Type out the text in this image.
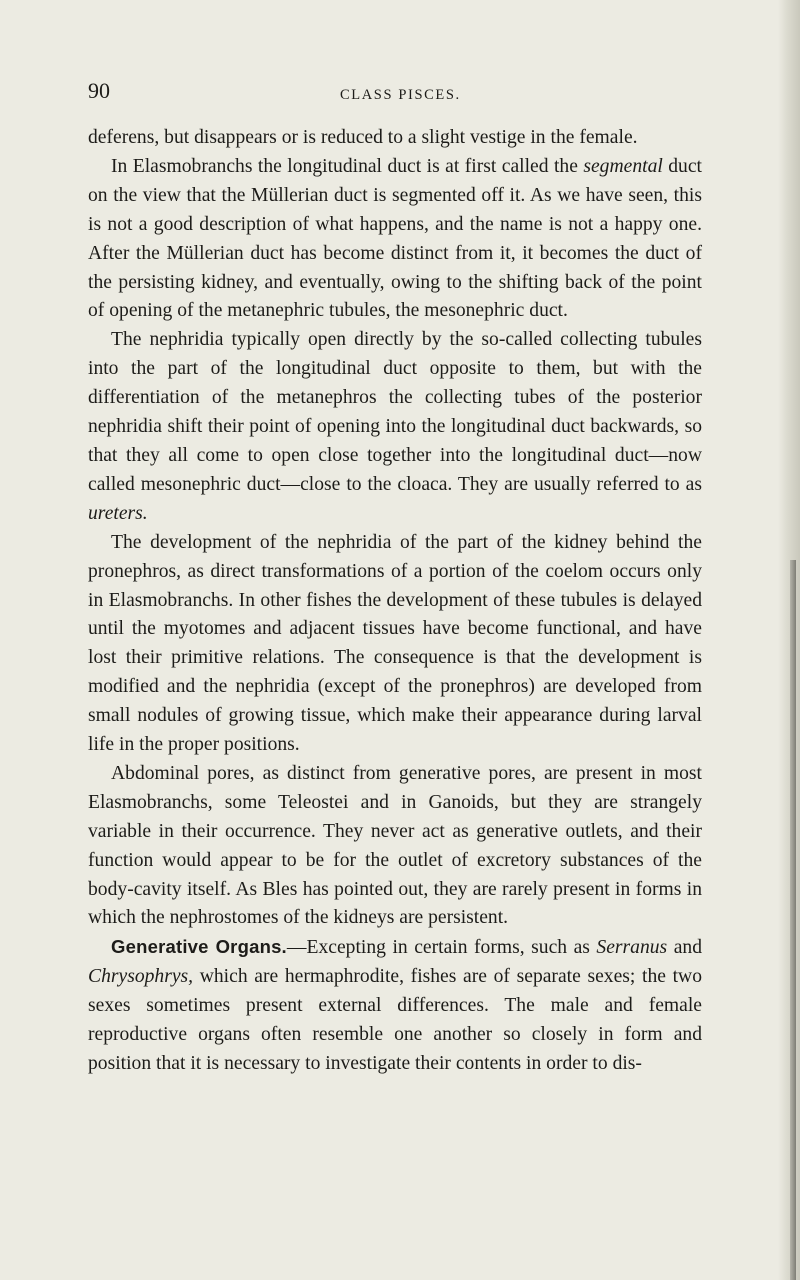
90	CLASS PISCES.

deferens, but disappears or is reduced to a slight vestige in the female.

In Elasmobranchs the longitudinal duct is at first called the segmental duct on the view that the Müllerian duct is segmented off it. As we have seen, this is not a good description of what happens, and the name is not a happy one. After the Müllerian duct has become distinct from it, it becomes the duct of the persisting kidney, and eventually, owing to the shifting back of the point of opening of the metanephric tubules, the mesonephric duct.

The nephridia typically open directly by the so-called collecting tubules into the part of the longitudinal duct opposite to them, but with the differentiation of the metanephros the collecting tubes of the posterior nephridia shift their point of opening into the longitudinal duct backwards, so that they all come to open close together into the longitudinal duct—now called mesonephric duct—close to the cloaca. They are usually referred to as ureters.

The development of the nephridia of the part of the kidney behind the pronephros, as direct transformations of a portion of the coelom occurs only in Elasmobranchs. In other fishes the development of these tubules is delayed until the myotomes and adjacent tissues have become functional, and have lost their primitive relations. The consequence is that the development is modified and the nephridia (except of the pronephros) are developed from small nodules of growing tissue, which make their appearance during larval life in the proper positions.

Abdominal pores, as distinct from generative pores, are present in most Elasmobranchs, some Teleostei and in Ganoids, but they are strangely variable in their occurrence. They never act as generative outlets, and their function would appear to be for the outlet of excretory substances of the body-cavity itself. As Bles has pointed out, they are rarely present in forms in which the nephrostomes of the kidneys are persistent.

Generative Organs.—Excepting in certain forms, such as Serranus and Chrysophrys, which are hermaphrodite, fishes are of separate sexes; the two sexes sometimes present external differences. The male and female reproductive organs often resemble one another so closely in form and position that it is necessary to investigate their contents in order to dis-
